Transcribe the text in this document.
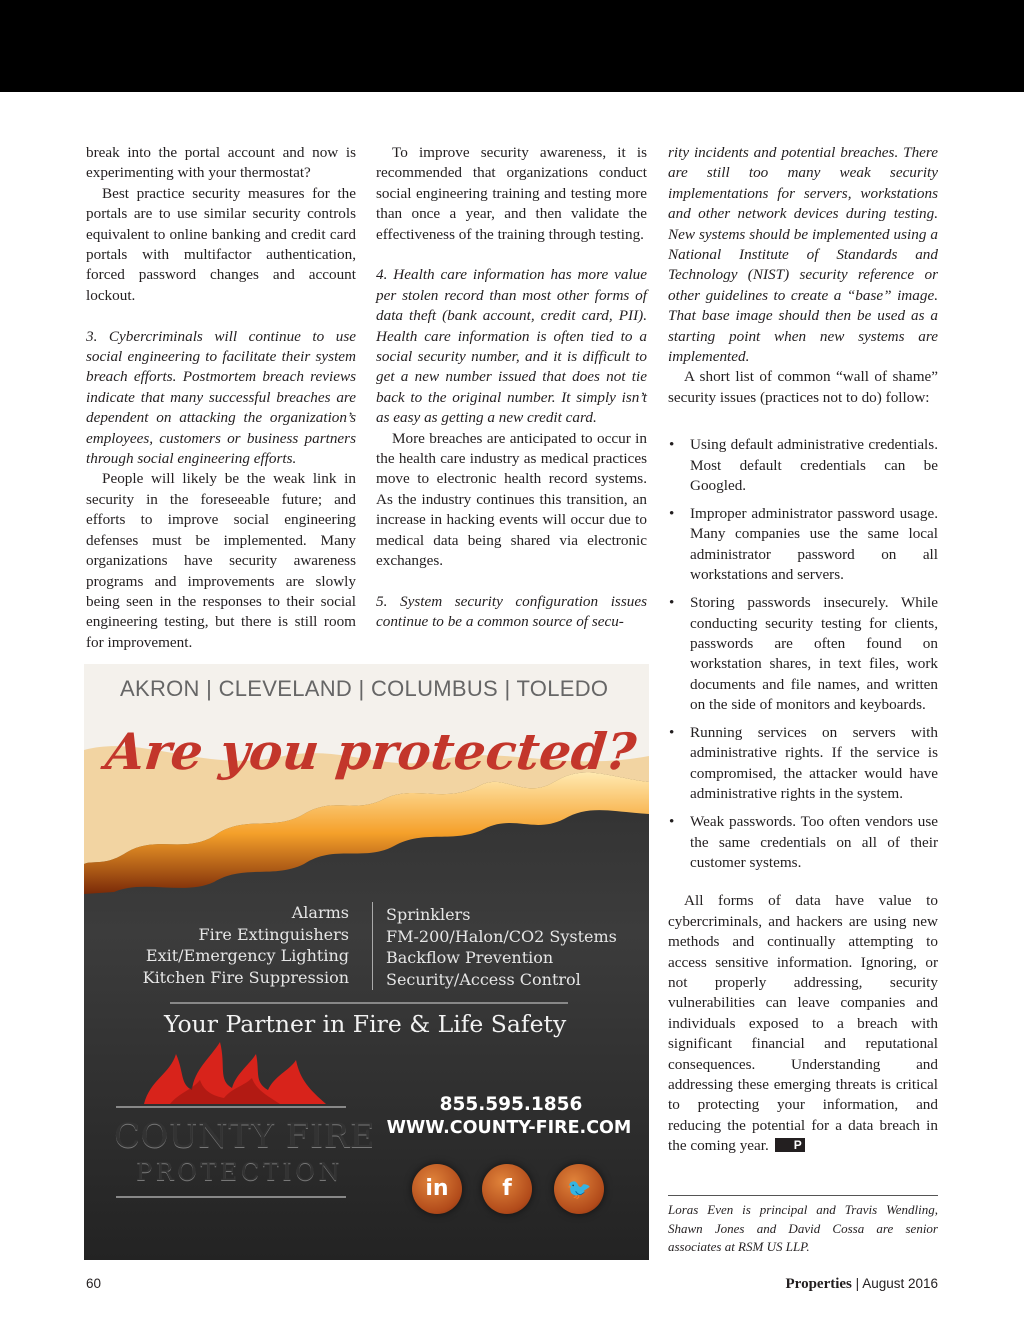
break into the portal account and now is experimenting with your thermostat?

Best practice security measures for the portals are to use similar security controls equivalent to online banking and credit card portals with multifactor authentication, forced password changes and account lockout.

3. Cybercriminals will continue to use social engineering to facilitate their system breach efforts. Postmortem breach reviews indicate that many successful breaches are dependent on attacking the organization’s employees, customers or business partners through social engineering efforts.

People will likely be the weak link in security in the foreseeable future; and efforts to improve social engineering defenses must be implemented. Many organizations have security awareness programs and improvements are slowly being seen in the responses to their social engineering testing, but there is still room for improvement.

To improve security awareness, it is recommended that organizations conduct social engineering training and testing more than once a year, and then validate the effectiveness of the training through testing.

4. Health care information has more value per stolen record than most other forms of data theft (bank account, credit card, PII). Health care information is often tied to a social security number, and it is difficult to get a new number issued that does not tie back to the original number. It simply isn’t as easy as getting a new credit card.

More breaches are anticipated to occur in the health care industry as medical practices move to electronic health record systems. As the industry continues this transition, an increase in hacking events will occur due to medical data being shared via electronic exchanges.

5. System security configuration issues continue to be a common source of secu-

rity incidents and potential breaches. There are still too many weak security implementations for servers, workstations and other network devices during testing. New systems should be implemented using a National Institute of Standards and Technology (NIST) security reference or other guidelines to create a “base” image. That base image should then be used as a starting point when new systems are implemented.

A short list of common “wall of shame” security issues (practices not to do) follow:

• Using default administrative credentials. Most default credentials can be Googled.
• Improper administrator password usage. Many companies use the same local administrator password on all workstations and servers.
• Storing passwords insecurely. While conducting security testing for clients, passwords are often found on workstation shares, in text files, work documents and file names, and written on the side of monitors and keyboards.
• Running services on servers with administrative rights. If the service is compromised, the attacker would have administrative rights in the system.
• Weak passwords. Too often vendors use the same credentials on all of their customer systems.

All forms of data have value to cybercriminals, and hackers are using new methods and continually attempting to access sensitive information. Ignoring, or not properly addressing, security vulnerabilities can leave companies and individuals exposed to a breach with significant financial and reputational consequences. Understanding and addressing these emerging threats is critical to protecting your information, and reducing the potential for a data breach in the coming year. P

Loras Even is principal and Travis Wendling, Shawn Jones and David Cossa are senior associates at RSM US LLP.
AKRON | CLEVELAND | COLUMBUS | TOLEDO
Are you protected?
Alarms
Fire Extinguishers
Exit/Emergency Lighting
Kitchen Fire Suppression
Sprinklers
FM-200/Halon/CO2 Systems
Backflow Prevention
Security/Access Control
Your Partner in Fire & Life Safety
COUNTY FIRE
PROTECTION
855.595.1856
WWW.COUNTY-FIRE.COM
in	f	🐦
60	Properties | August 2016
